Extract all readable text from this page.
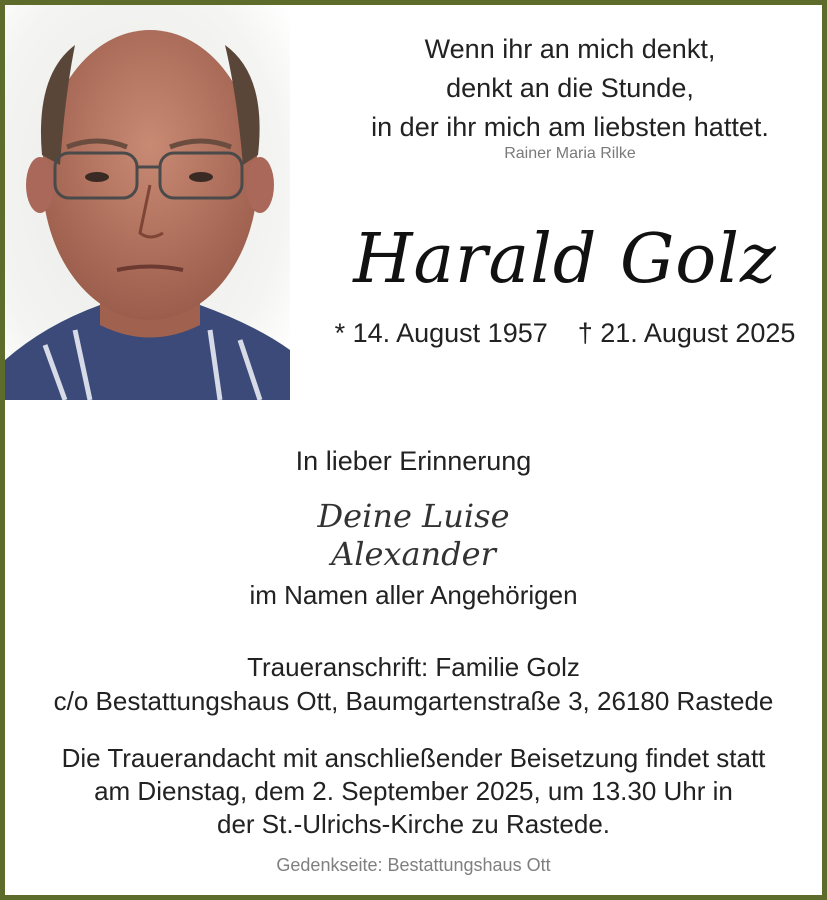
Wenn ihr an mich denkt,
denkt an die Stunde,
in der ihr mich am liebsten hattet.
Rainer Maria Rilke
Harald Golz
* 14. August 1957 † 21. August 2025
In lieber Erinnerung
Deine Luise
Alexander
im Namen aller Angehörigen
Traueranschrift: Familie Golz
c/o Bestattungshaus Ott, Baumgartenstraße 3, 26180 Rastede
Die Trauerandacht mit anschließender Beisetzung findet statt
am Dienstag, dem 2. September 2025, um 13.30 Uhr in
der St.-Ulrichs-Kirche zu Rastede.
Gedenkseite: Bestattungshaus Ott
